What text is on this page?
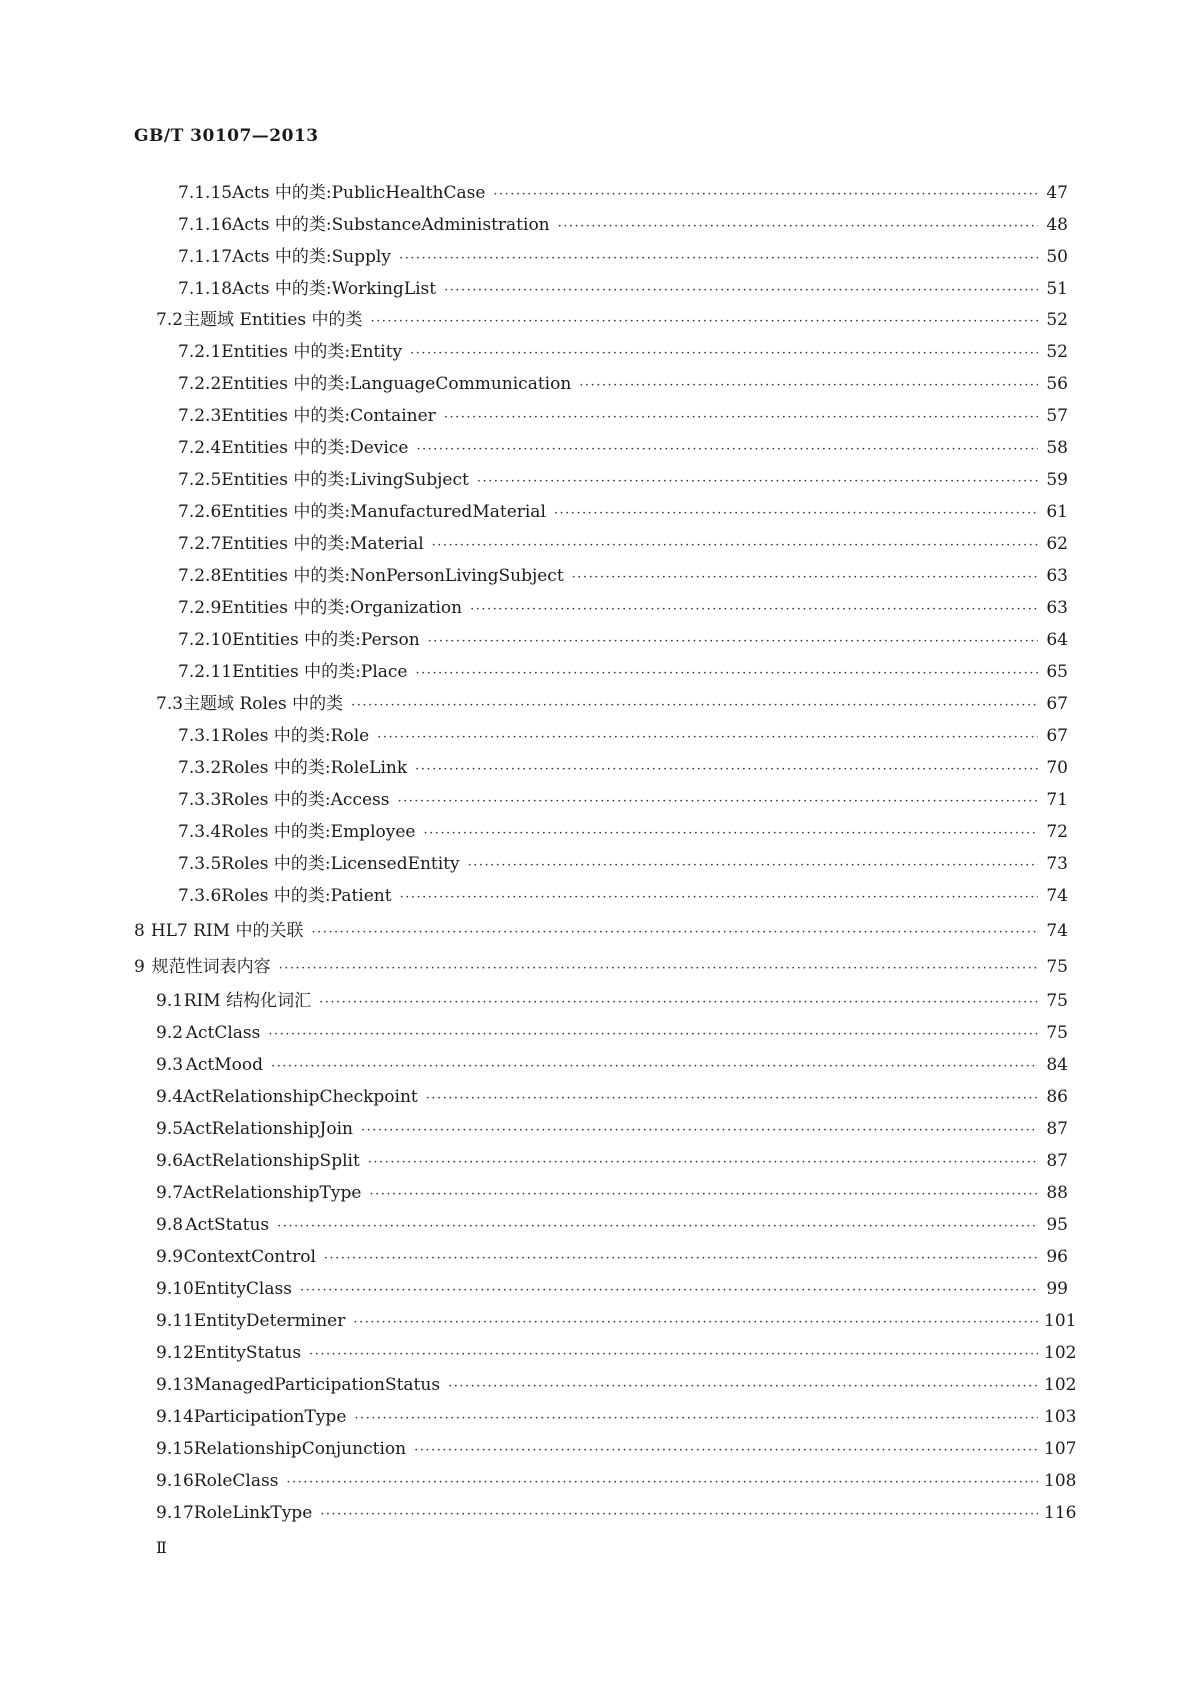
GB/T 30107—2013
7.1.15 Acts 中的类:PublicHealthCase ·····	47
7.1.16 Acts 中的类:SubstanceAdministration ·····	48
7.1.17 Acts 中的类:Supply ·····	50
7.1.18 Acts 中的类:WorkingList ·····	51
7.2 主题域 Entities 中的类 ·····	52
7.2.1 Entities 中的类:Entity ·····	52
7.2.2 Entities 中的类:LanguageCommunication ·····	56
7.2.3 Entities 中的类:Container ·····	57
7.2.4 Entities 中的类:Device ·····	58
7.2.5 Entities 中的类:LivingSubject ·····	59
7.2.6 Entities 中的类:ManufacturedMaterial ·····	61
7.2.7 Entities 中的类:Material ·····	62
7.2.8 Entities 中的类:NonPersonLivingSubject ·····	63
7.2.9 Entities 中的类:Organization ·····	63
7.2.10 Entities 中的类:Person ·····	64
7.2.11 Entities 中的类:Place ·····	65
7.3 主题域 Roles 中的类 ·····	67
7.3.1 Roles 中的类:Role ·····	67
7.3.2 Roles 中的类:RoleLink ·····	70
7.3.3 Roles 中的类:Access ·····	71
7.3.4 Roles 中的类:Employee ·····	72
7.3.5 Roles 中的类:LicensedEntity ·····	73
7.3.6 Roles 中的类:Patient ·····	74
8 HL7 RIM 中的关联 ·····	74
9 规范性词表内容 ·····	75
9.1 RIM 结构化词汇 ·····	75
9.2 ActClass ·····	75
9.3 ActMood ·····	84
9.4 ActRelationshipCheckpoint ·····	86
9.5 ActRelationshipJoin ·····	87
9.6 ActRelationshipSplit ·····	87
9.7 ActRelationshipType ·····	88
9.8 ActStatus ·····	95
9.9 ContextControl ·····	96
9.10 EntityClass ·····	99
9.11 EntityDeterminer ·····	101
9.12 EntityStatus ·····	102
9.13 ManagedParticipationStatus ·····	102
9.14 ParticipationType ·····	103
9.15 RelationshipConjunction ·····	107
9.16 RoleClass ·····	108
9.17 RoleLinkType ·····	116
Ⅱ
